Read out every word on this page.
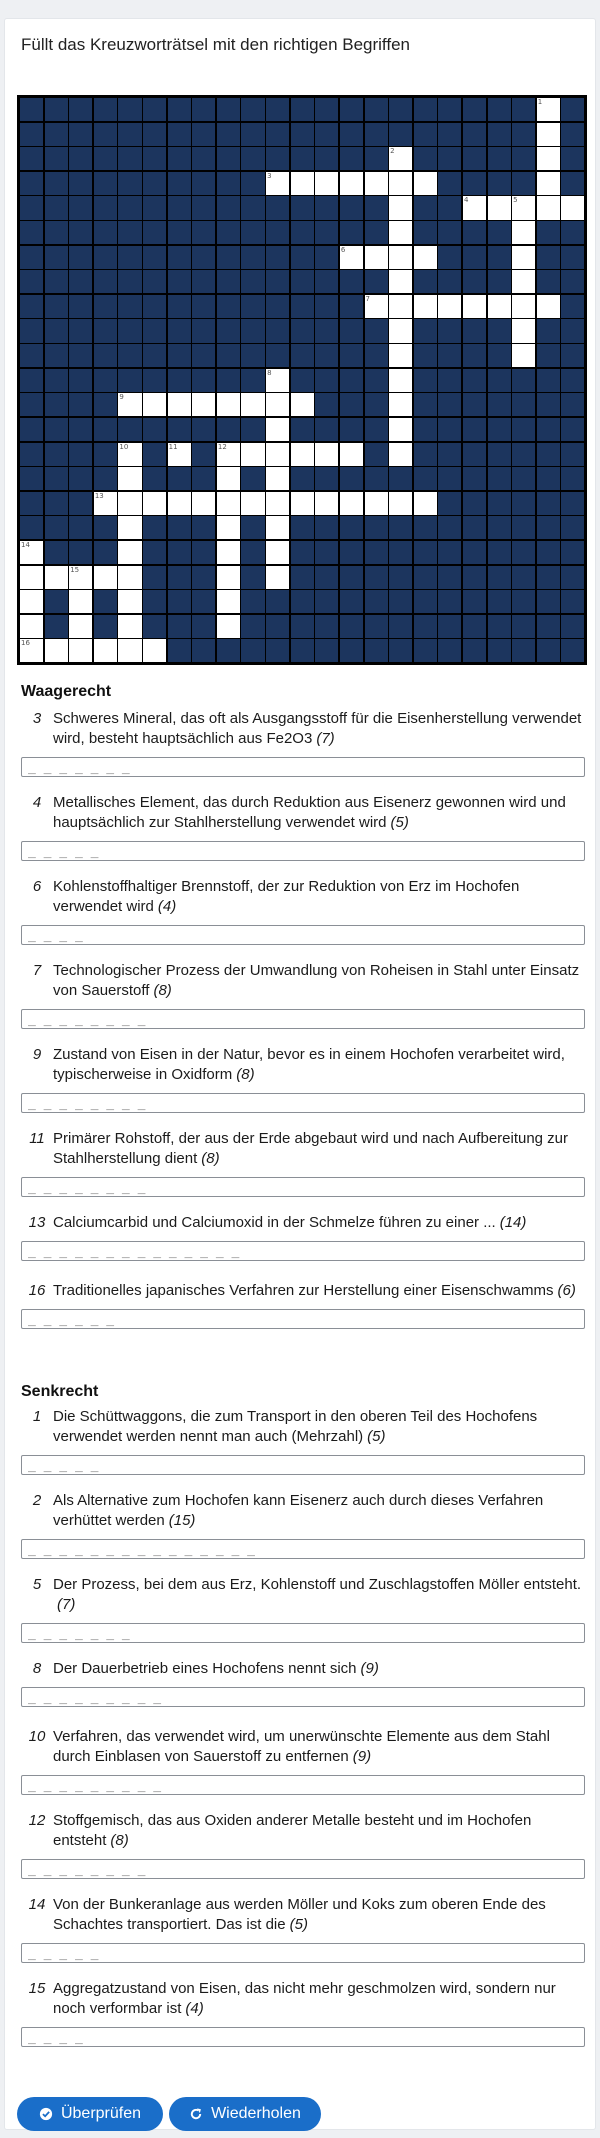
Füllt das Kreuzworträtsel mit den richtigen Begriffen
1
2
3
4	5
6
7
8
9
10	11	12
13
14
15
16
Waagerecht
3 Schweres Mineral, das oft als Ausgangsstoff für die Eisenherstellung verwendet wird, besteht hauptsächlich aus Fe2O3 (7)
_ _ _ _ _ _ _
4 Metallisches Element, das durch Reduktion aus Eisenerz gewonnen wird und hauptsächlich zur Stahlherstellung verwendet wird (5)
_ _ _ _ _
6 Kohlenstoffhaltiger Brennstoff, der zur Reduktion von Erz im Hochofen verwendet wird (4)
_ _ _ _
7 Technologischer Prozess der Umwandlung von Roheisen in Stahl unter Einsatz von Sauerstoff (8)
_ _ _ _ _ _ _ _
9 Zustand von Eisen in der Natur, bevor es in einem Hochofen verarbeitet wird, typischerweise in Oxidform (8)
_ _ _ _ _ _ _ _
11 Primärer Rohstoff, der aus der Erde abgebaut wird und nach Aufbereitung zur Stahlherstellung dient (8)
_ _ _ _ _ _ _ _
13 Calciumcarbid und Calciumoxid in der Schmelze führen zu einer ... (14)
_ _ _ _ _ _ _ _ _ _ _ _ _ _
16 Traditionelles japanisches Verfahren zur Herstellung einer Eisenschwamms (6)
_ _ _ _ _ _
Senkrecht
1 Die Schüttwaggons, die zum Transport in den oberen Teil des Hochofens verwendet werden nennt man auch (Mehrzahl) (5)
_ _ _ _ _
2 Als Alternative zum Hochofen kann Eisenerz auch durch dieses Verfahren verhüttet werden (15)
_ _ _ _ _ _ _ _ _ _ _ _ _ _ _
5 Der Prozess, bei dem aus Erz, Kohlenstoff und Zuschlagstoffen Möller entsteht.(7)
_ _ _ _ _ _ _
8 Der Dauerbetrieb eines Hochofens nennt sich (9)
_ _ _ _ _ _ _ _ _
10 Verfahren, das verwendet wird, um unerwünschte Elemente aus dem Stahl durch Einblasen von Sauerstoff zu entfernen (9)
_ _ _ _ _ _ _ _ _
12 Stoffgemisch, das aus Oxiden anderer Metalle besteht und im Hochofen entsteht (8)
_ _ _ _ _ _ _ _
14 Von der Bunkeranlage aus werden Möller und Koks zum oberen Ende des Schachtes transportiert. Das ist die (5)
_ _ _ _ _
15 Aggregatzustand von Eisen, das nicht mehr geschmolzen wird, sondern nur noch verformbar ist (4)
_ _ _ _
Überprüfen	Wiederholen
